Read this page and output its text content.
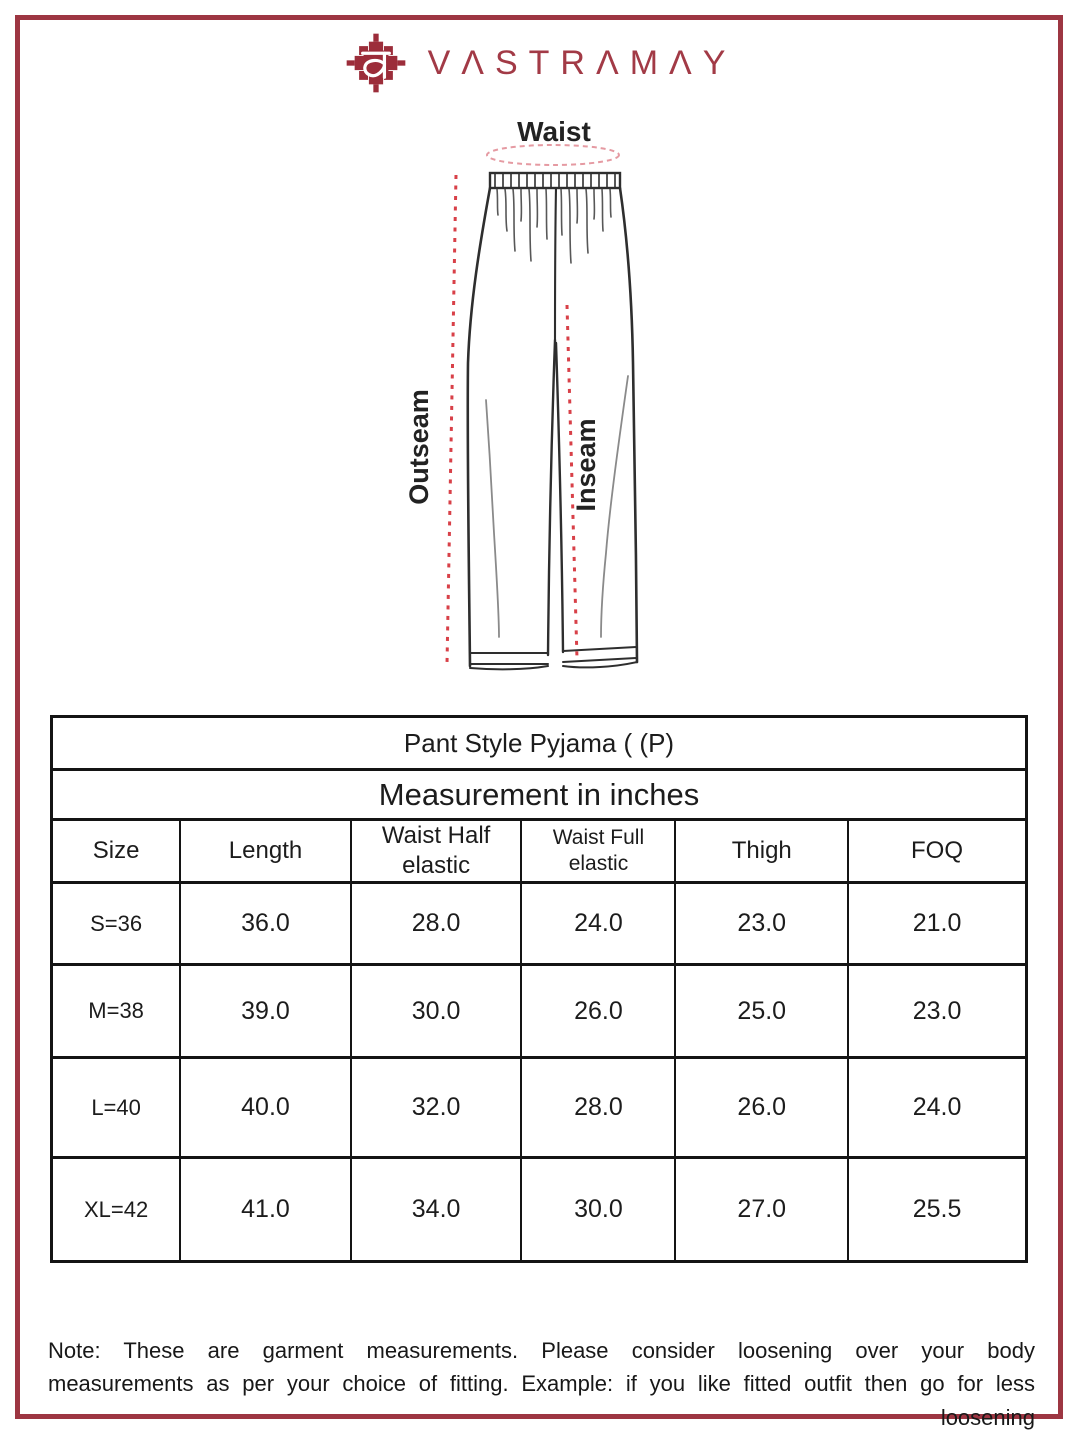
VΛSTRΛMΛY
Waist
Outseam	Inseam
Pant Style Pyjama ( (P)					
Measurement in inches					
Size	Length	Waist Half elastic	Waist Full elastic	Thigh	FOQ
S=36	36.0	28.0	24.0	23.0	21.0
M=38	39.0	30.0	26.0	25.0	23.0
L=40	40.0	32.0	28.0	26.0	24.0
XL=42	41.0	34.0	30.0	27.0	25.5

Note: These are garment measurements. Please consider loosening over your body measurements as per your choice of fitting. Example: if you like fitted outfit then go for less loosening
